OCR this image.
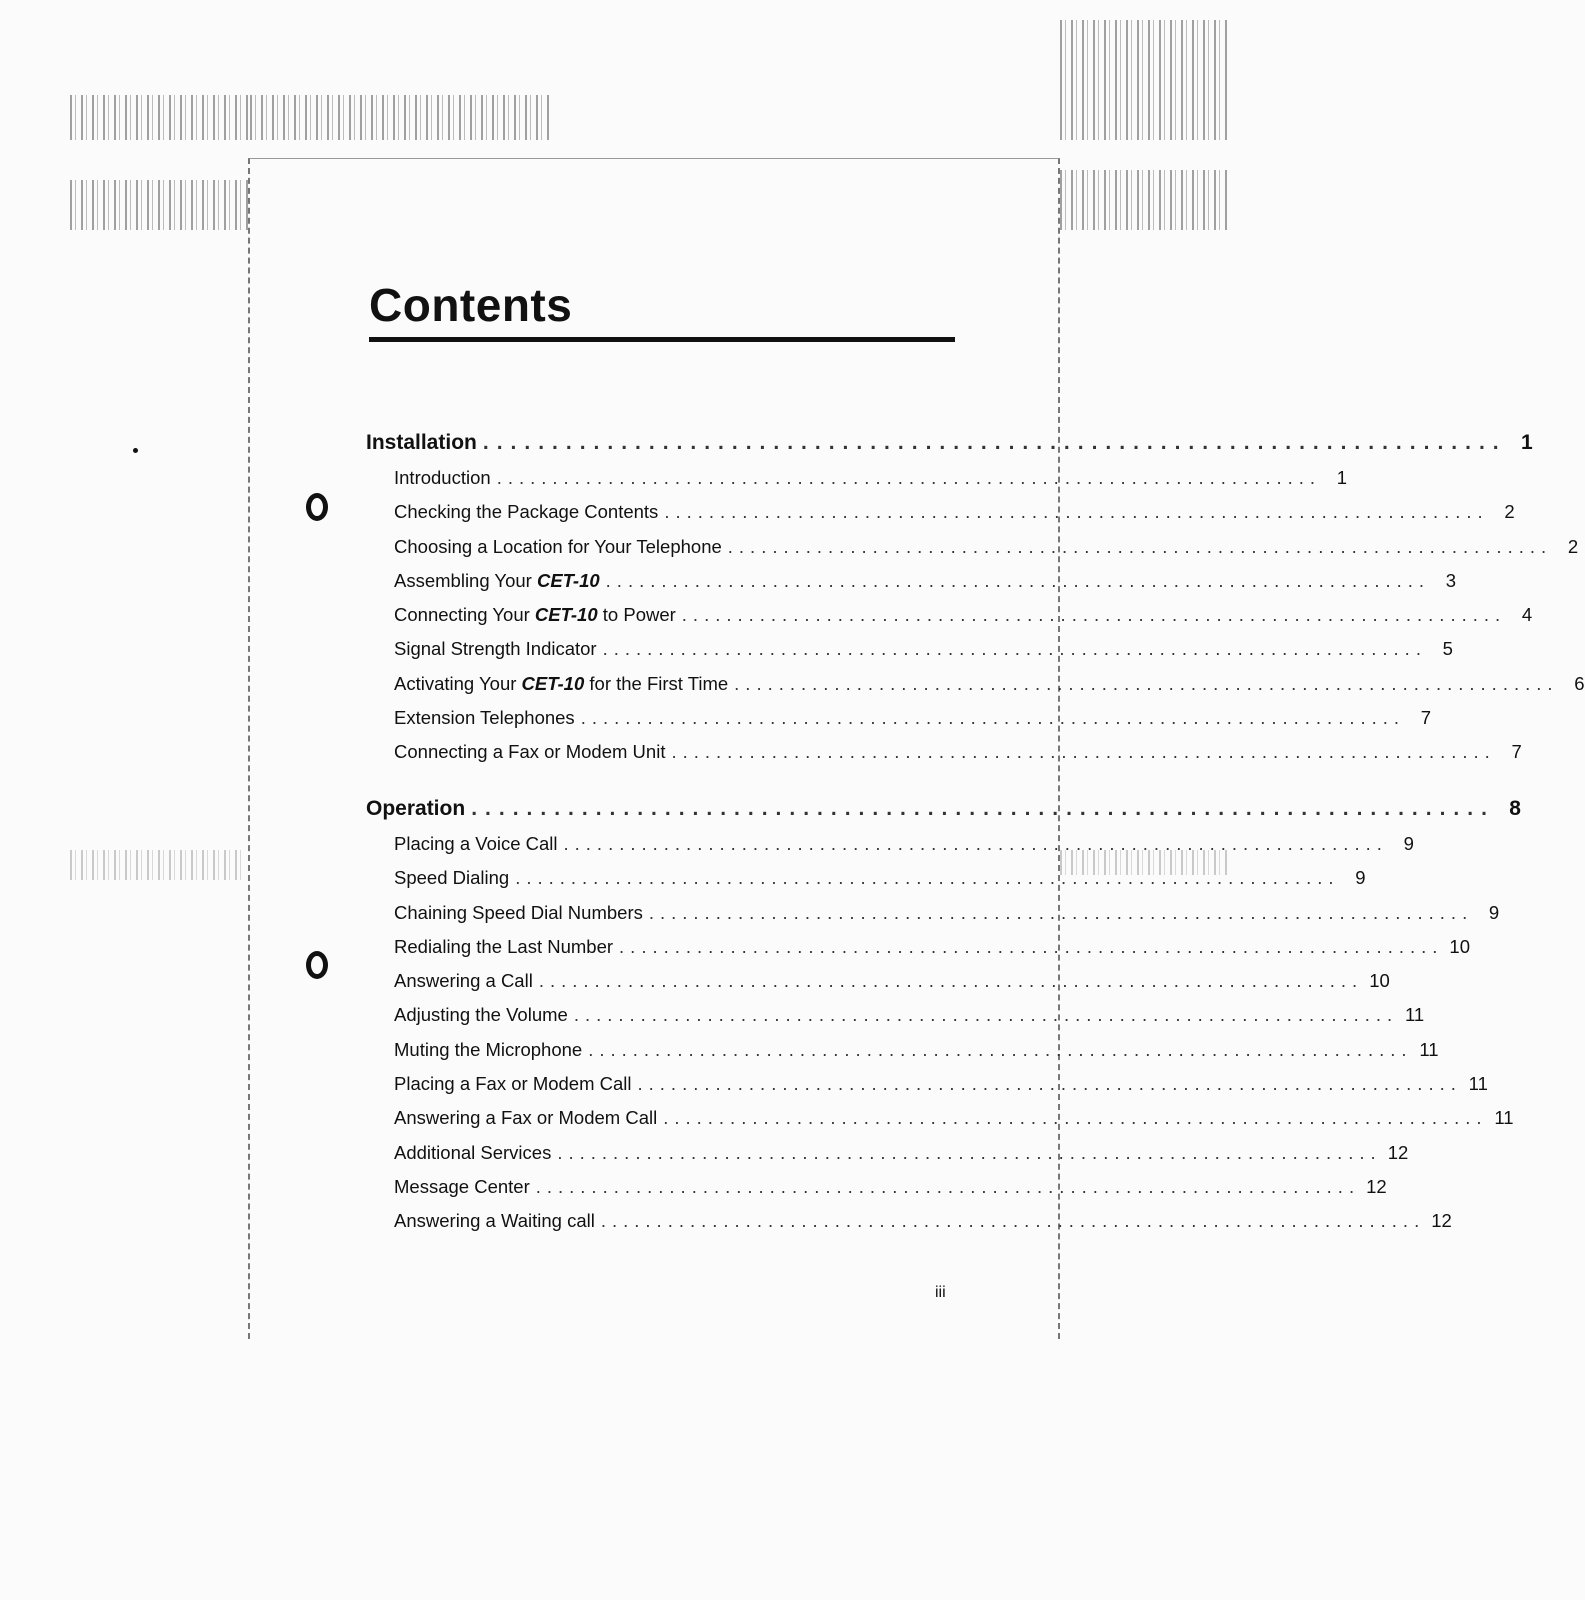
Contents
Installation .......................................................................... 1
Introduction .......................................................................... 1
Checking the Package Contents .......................................................................... 2
Choosing a Location for Your Telephone .......................................................................... 2
Assembling Your CET-10 .......................................................................... 3
Connecting Your CET-10 to Power .......................................................................... 4
Signal Strength Indicator .......................................................................... 5
Activating Your CET-10 for the First Time .......................................................................... 6
Extension Telephones .......................................................................... 7
Connecting a Fax or Modem Unit .......................................................................... 7
Operation .......................................................................... 8
Placing a Voice Call .......................................................................... 9
Speed Dialing .......................................................................... 9
Chaining Speed Dial Numbers .......................................................................... 9
Redialing the Last Number .......................................................................... 10
Answering a Call .......................................................................... 10
Adjusting the Volume .......................................................................... 11
Muting the Microphone .......................................................................... 11
Placing a Fax or Modem Call .......................................................................... 11
Answering a Fax or Modem Call .......................................................................... 11
Additional Services .......................................................................... 12
Message Center .......................................................................... 12
Answering a Waiting call .......................................................................... 12
iii
